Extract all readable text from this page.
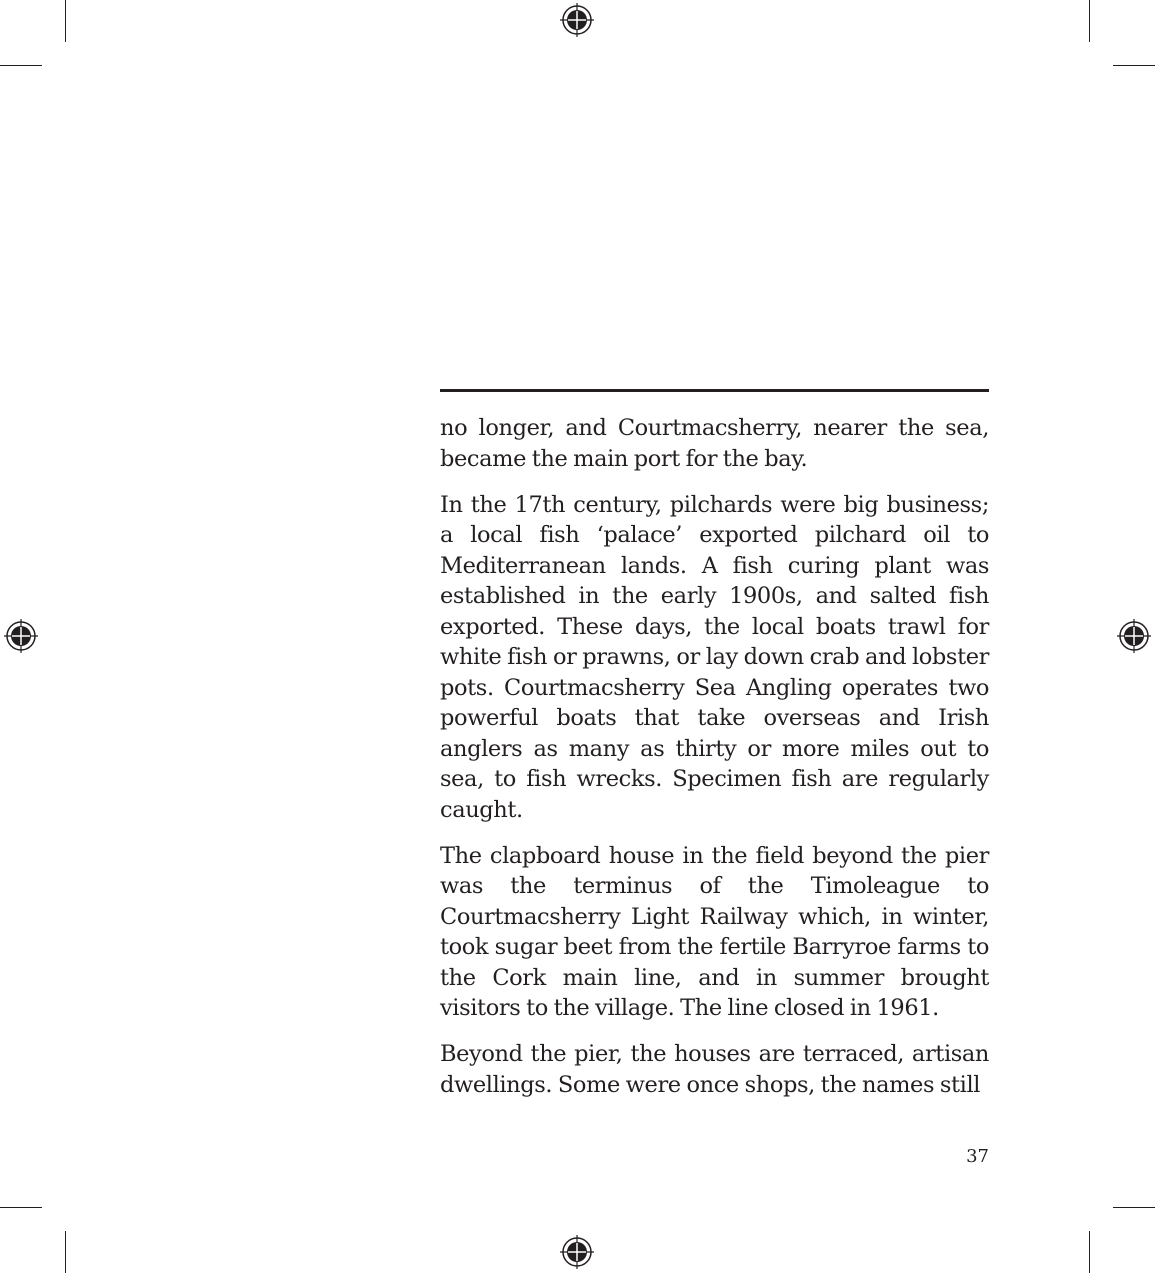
no longer, and Courtmacsherry, nearer the sea, became the main port for the bay.

In the 17th century, pilchards were big business; a local fish ‘palace’ exported pilchard oil to Mediterranean lands. A fish curing plant was established in the early 1900s, and salted fish exported. These days, the local boats trawl for white fish or prawns, or lay down crab and lobster pots. Courtmacsherry Sea Angling operates two powerful boats that take overseas and Irish anglers as many as thirty or more miles out to sea, to fish wrecks. Specimen fish are regularly caught.

The clapboard house in the field beyond the pier was the terminus of the Timoleague to Courtmacsherry Light Railway which, in winter, took sugar beet from the fertile Barryroe farms to the Cork main line, and in summer brought visitors to the village. The line closed in 1961.

Beyond the pier, the houses are terraced, artisan dwellings. Some were once shops, the names still

37
